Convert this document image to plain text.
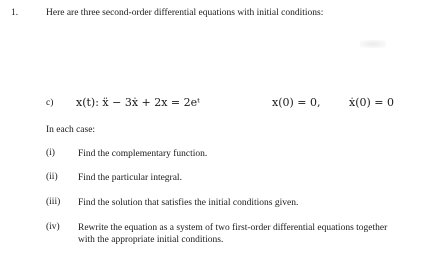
1.	Here are three second-order differential equations with initial conditions:
c) x(t): ẍ − 3ẋ + 2x = 2eᵗ	x(0) = 0,	ẋ(0) = 0
In each case:
(i) Find the complementary function.
(ii) Find the particular integral.
(iii) Find the solution that satisfies the initial conditions given.
(iv) Rewrite the equation as a system of two first-order differential equations together
with the appropriate initial conditions.
